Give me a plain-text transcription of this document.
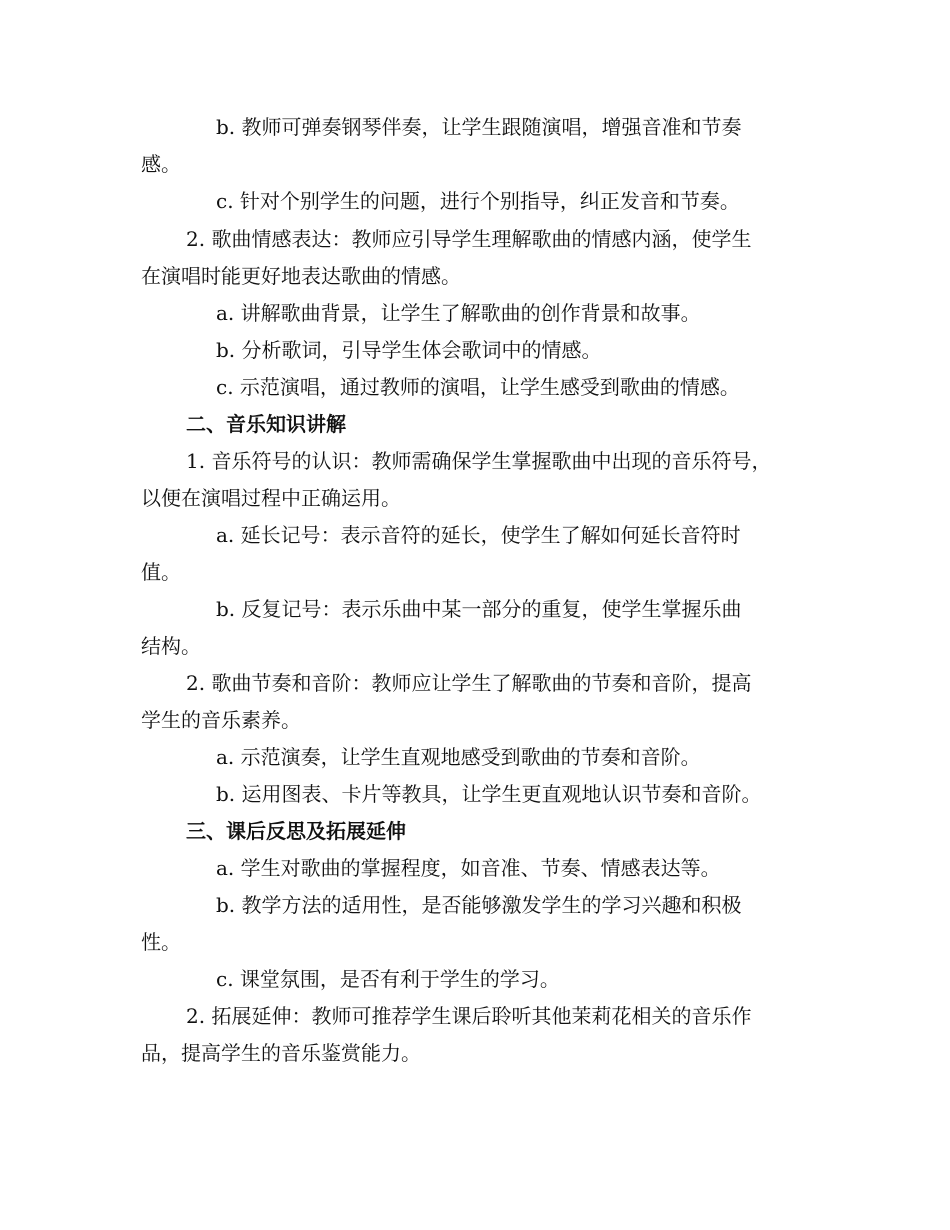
b. 教师可弹奏钢琴伴奏，让学生跟随演唱，增强音准和节奏
感。
c. 针对个别学生的问题，进行个别指导，纠正发音和节奏。
2. 歌曲情感表达：教师应引导学生理解歌曲的情感内涵，使学生
在演唱时能更好地表达歌曲的情感。
a. 讲解歌曲背景，让学生了解歌曲的创作背景和故事。
b. 分析歌词，引导学生体会歌词中的情感。
c. 示范演唱，通过教师的演唱，让学生感受到歌曲的情感。
二、音乐知识讲解
1. 音乐符号的认识：教师需确保学生掌握歌曲中出现的音乐符号，
以便在演唱过程中正确运用。
a. 延长记号：表示音符的延长，使学生了解如何延长音符时
值。
b. 反复记号：表示乐曲中某一部分的重复，使学生掌握乐曲
结构。
2. 歌曲节奏和音阶：教师应让学生了解歌曲的节奏和音阶，提高
学生的音乐素养。
a. 示范演奏，让学生直观地感受到歌曲的节奏和音阶。
b. 运用图表、卡片等教具，让学生更直观地认识节奏和音阶。
三、课后反思及拓展延伸
a. 学生对歌曲的掌握程度，如音准、节奏、情感表达等。
b. 教学方法的适用性，是否能够激发学生的学习兴趣和积极
性。
c. 课堂氛围，是否有利于学生的学习。
2. 拓展延伸：教师可推荐学生课后聆听其他茉莉花相关的音乐作
品，提高学生的音乐鉴赏能力。
